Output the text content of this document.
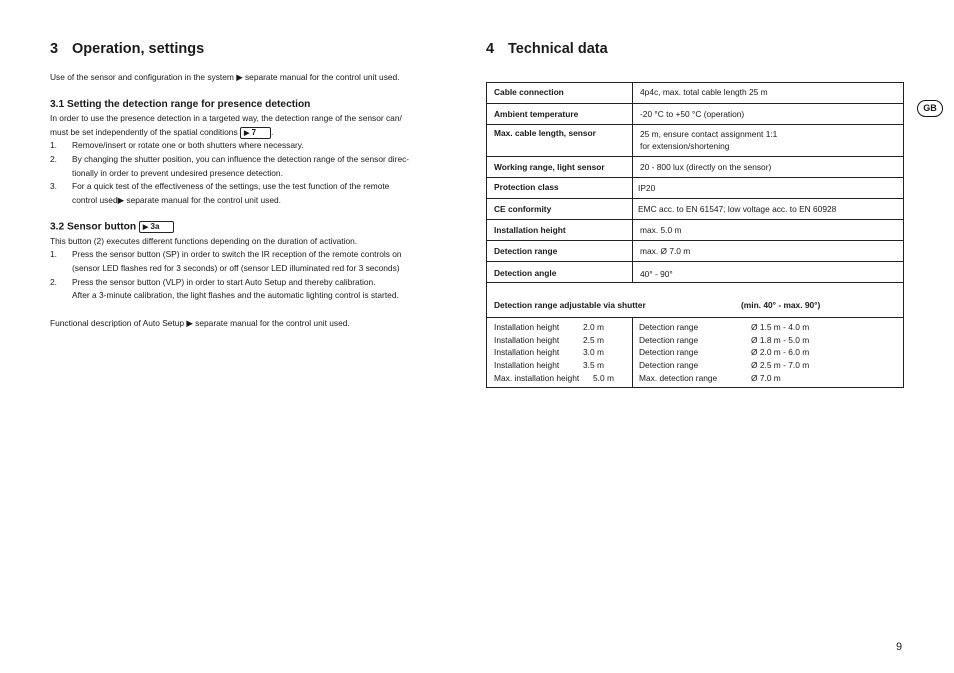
3 Operation, settings
Use of the sensor and configuration in the system ▶ separate manual for the control unit used.
3.1 Setting the detection range for presence detection
In order to use the presence detection in a targeted way, the detection range of the sensor can/
must be set independently of the spatial conditions ▶ 7 .
1. Remove/insert or rotate one or both shutters where necessary.
2. By changing the shutter position, you can influence the detection range of the sensor direc-
tionally in order to prevent undesired presence detection.
3. For a quick test of the effectiveness of the settings, use the test function of the remote
control used▶ separate manual for the control unit used.
3.2 Sensor button ▶ 3a
This button (2) executes different functions depending on the duration of activation.
1. Press the sensor button (SP) in order to switch the IR reception of the remote controls on
(sensor LED flashes red for 3 seconds) or off (sensor LED illuminated red for 3 seconds)
2. Press the sensor button (VLP) in order to start Auto Setup and thereby calibration.
After a 3-minute calibration, the light flashes and the automatic lighting control is started.
Functional description of Auto Setup ▶ separate manual for the control unit used.
4 Technical data
Cable connection	4p4c, max. total cable length 25 m
Ambient temperature	-20 °C to +50 °C (operation)
Max. cable length, sensor	25 m, ensure contact assignment 1:1
for extension/shortening
Working range, light sensor	20 - 800 lux (directly on the sensor)
Protection class	IP20
CE conformity	EMC acc. to EN 61547; low voltage acc. to EN 60928
Installation height	max. 5.0 m
Detection range	max. Ø 7.0 m
Detection angle	40° - 90°
Detection range adjustable via shutter	(min. 40° - max. 90°)
Installation height	2.0 m	Detection range	Ø 1.5 m - 4.0 m
Installation height	2.5 m	Detection range	Ø 1.8 m - 5.0 m
Installation height	3.0 m	Detection range	Ø 2.0 m - 6.0 m
Installation height	3.5 m	Detection range	Ø 2.5 m - 7.0 m
Max. installation height 5.0 m	Max. detection range	Ø 7.0 m
GB
9
